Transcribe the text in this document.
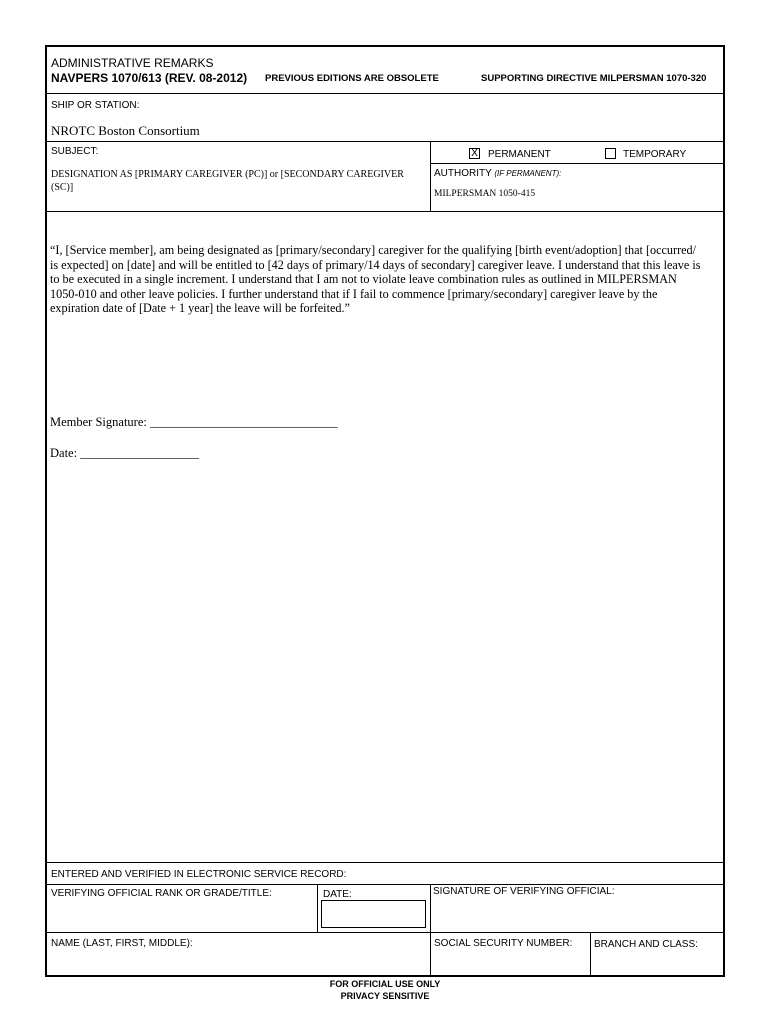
ADMINISTRATIVE REMARKS
NAVPERS 1070/613 (REV. 08-2012) PREVIOUS EDITIONS ARE OBSOLETE	SUPPORTING DIRECTIVE MILPERSMAN 1070-320
SHIP OR STATION:
NROTC Boston Consortium
SUBJECT:
DESIGNATION AS [PRIMARY CAREGIVER (PC)] or [SECONDARY CAREGIVER
(SC)]
X PERMANENT	TEMPORARY
AUTHORITY (IF PERMANENT):
MILPERSMAN 1050-415
“I, [Service member], am being designated as [primary/secondary] caregiver for the qualifying [birth event/adoption] that [occurred/
is expected] on [date] and will be entitled to [42 days of primary/14 days of secondary] caregiver leave. I understand that this leave is
to be executed in a single increment. I understand that I am not to violate leave combination rules as outlined in MILPERSMAN
1050-010 and other leave policies. I further understand that if I fail to commence [primary/secondary] caregiver leave by the
expiration date of [Date + 1 year] the leave will be forfeited.”
Member Signature: ______________________________
Date: ___________________
ENTERED AND VERIFIED IN ELECTRONIC SERVICE RECORD:
VERIFYING OFFICIAL RANK OR GRADE/TITLE:	DATE:	SIGNATURE OF VERIFYING OFFICIAL:
NAME (LAST, FIRST, MIDDLE):	SOCIAL SECURITY NUMBER: BRANCH AND CLASS:
FOR OFFICIAL USE ONLY
PRIVACY SENSITIVE
